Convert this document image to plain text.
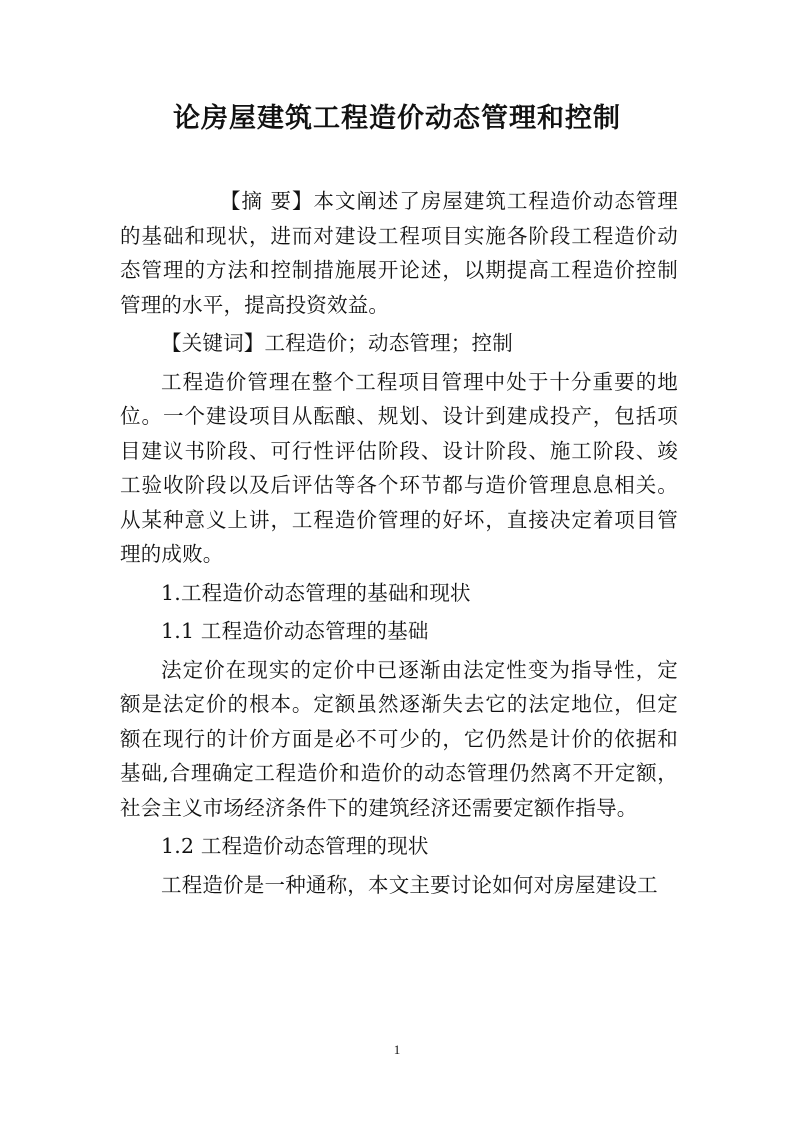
论房屋建筑工程造价动态管理和控制

【摘 要】本文阐述了房屋建筑工程造价动态管理的基础和现状，进而对建设工程项目实施各阶段工程造价动态管理的方法和控制措施展开论述，以期提高工程造价控制管理的水平，提高投资效益。

【关键词】工程造价；动态管理；控制

工程造价管理在整个工程项目管理中处于十分重要的地位。一个建设项目从酝酿、规划、设计到建成投产，包括项目建议书阶段、可行性评估阶段、设计阶段、施工阶段、竣工验收阶段以及后评估等各个环节都与造价管理息息相关。从某种意义上讲，工程造价管理的好坏，直接决定着项目管理的成败。

1.工程造价动态管理的基础和现状

1.1 工程造价动态管理的基础

法定价在现实的定价中已逐渐由法定性变为指导性，定额是法定价的根本。定额虽然逐渐失去它的法定地位，但定额在现行的计价方面是必不可少的，它仍然是计价的依据和基础,合理确定工程造价和造价的动态管理仍然离不开定额，社会主义市场经济条件下的建筑经济还需要定额作指导。

1.2 工程造价动态管理的现状

工程造价是一种通称，本文主要讨论如何对房屋建设工

1
